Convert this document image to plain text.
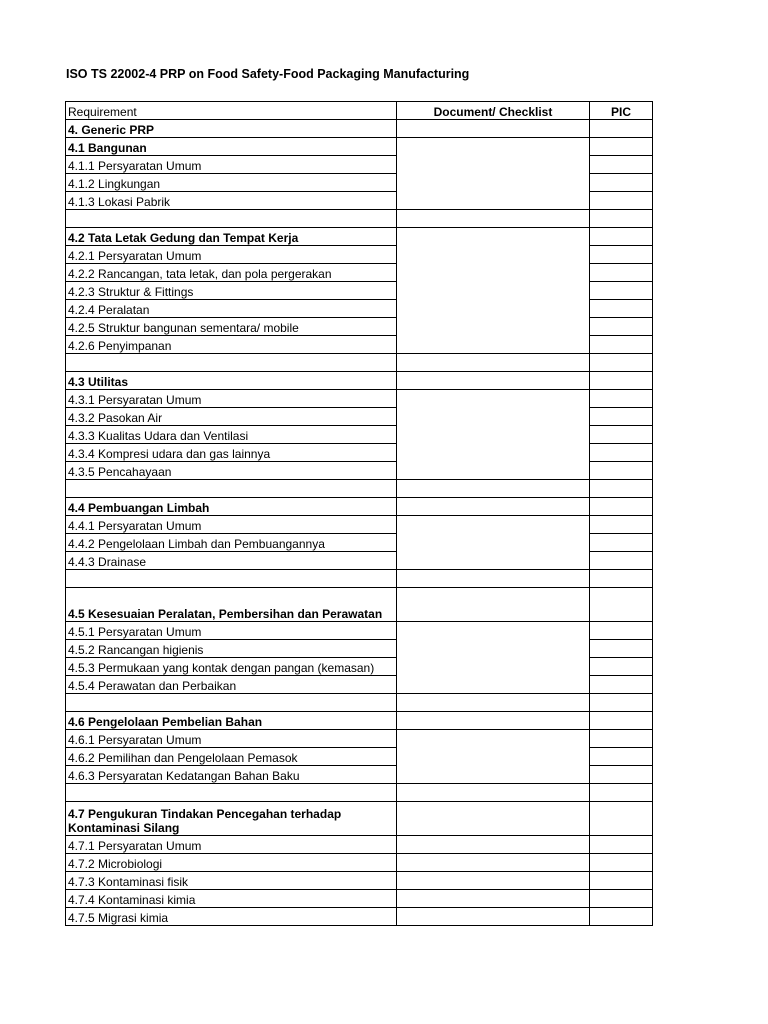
ISO TS 22002-4 PRP on Food Safety-Food Packaging Manufacturing
Requirement	Document/ Checklist	PIC
4. Generic PRP		
4.1 Bangunan		
4.1.1 Persyaratan Umum		
4.1.2 Lingkungan		
4.1.3 Lokasi Pabrik		

4.2 Tata Letak Gedung dan Tempat Kerja		
4.2.1 Persyaratan Umum		
4.2.2 Rancangan, tata letak, dan pola pergerakan		
4.2.3 Struktur & Fittings		
4.2.4 Peralatan		
4.2.5 Struktur bangunan sementara/ mobile		
4.2.6 Penyimpanan		

4.3 Utilitas		
4.3.1 Persyaratan Umum		
4.3.2 Pasokan Air		
4.3.3 Kualitas Udara dan Ventilasi		
4.3.4 Kompresi udara dan gas lainnya		
4.3.5 Pencahayaan		

4.4 Pembuangan Limbah		
4.4.1 Persyaratan Umum		
4.4.2 Pengelolaan Limbah dan Pembuangannya		
4.4.3 Drainase		

4.5 Kesesuaian Peralatan, Pembersihan dan Perawatan		
4.5.1 Persyaratan Umum		
4.5.2 Rancangan higienis		
4.5.3 Permukaan yang kontak dengan pangan (kemasan)		
4.5.4 Perawatan dan Perbaikan		

4.6 Pengelolaan Pembelian Bahan		
4.6.1 Persyaratan Umum		
4.6.2 Pemilihan dan Pengelolaan Pemasok		
4.6.3 Persyaratan Kedatangan Bahan Baku		

4.7 Pengukuran Tindakan Pencegahan terhadap Kontaminasi Silang		
4.7.1 Persyaratan Umum		
4.7.2 Microbiologi		
4.7.3 Kontaminasi fisik		
4.7.4 Kontaminasi kimia		
4.7.5 Migrasi kimia		
